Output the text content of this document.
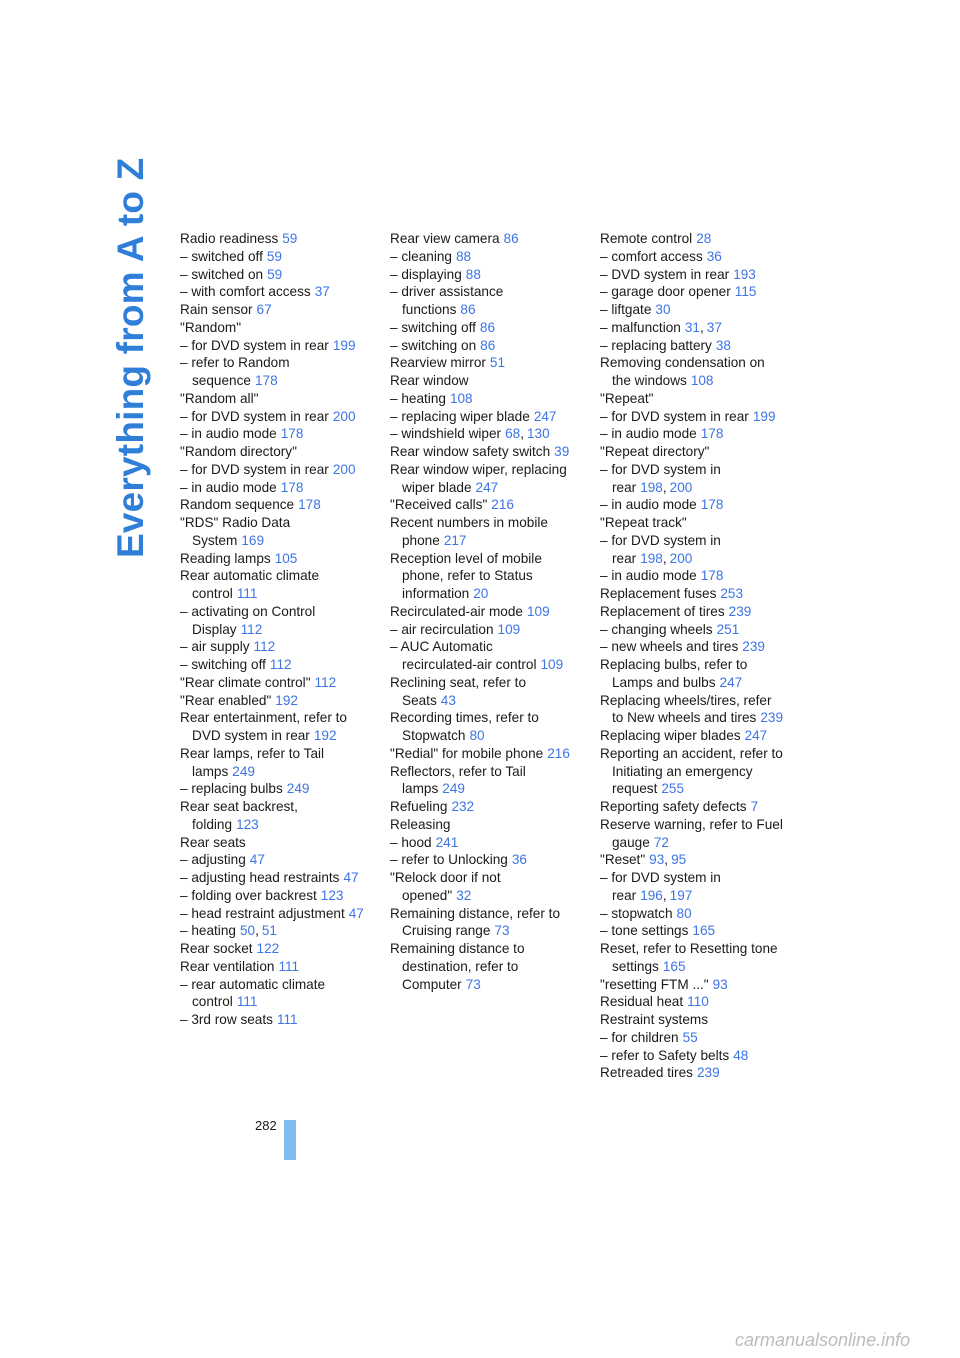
Everything from A to Z Radio readiness 59
– switched off 59
– switched on 59
– with comfort access 37
Rain sensor 67
"Random"
– for DVD system in rear 199
– refer to Random
sequence 178
"Random all"
– for DVD system in rear 200
– in audio mode 178
"Random directory"
– for DVD system in rear 200
– in audio mode 178
Random sequence 178
"RDS" Radio Data
System 169
Reading lamps 105
Rear automatic climate
control 111
– activating on Control
Display 112
– air supply 112
– switching off 112
"Rear climate control" 112
"Rear enabled" 192
Rear entertainment, refer to
DVD system in rear 192
Rear lamps, refer to Tail
lamps 249
– replacing bulbs 249
Rear seat backrest,
folding 123
Rear seats
– adjusting 47
– adjusting head restraints 47
– folding over backrest 123
– head restraint adjustment 47
– heating 50, 51
Rear socket 122
Rear ventilation 111
– rear automatic climate
control 111
– 3rd row seats 111
Rear view camera 86
– cleaning 88
– displaying 88
– driver assistance
functions 86
– switching off 86
– switching on 86
Rearview mirror 51
Rear window
– heating 108
– replacing wiper blade 247
– windshield wiper 68, 130
Rear window safety switch 39
Rear window wiper, replacing
wiper blade 247
"Received calls" 216
Recent numbers in mobile
phone 217
Reception level of mobile
phone, refer to Status
information 20
Recirculated-air mode 109
– air recirculation 109
– AUC Automatic
recirculated-air control 109
Reclining seat, refer to
Seats 43
Recording times, refer to
Stopwatch 80
"Redial" for mobile phone 216
Reflectors, refer to Tail
lamps 249
Refueling 232
Releasing
– hood 241
– refer to Unlocking 36
"Relock door if not
opened" 32
Remaining distance, refer to
Cruising range 73
Remaining distance to
destination, refer to
Computer 73
Remote control 28
– comfort access 36
– DVD system in rear 193
– garage door opener 115
– liftgate 30
– malfunction 31, 37
– replacing battery 38
Removing condensation on
the windows 108
"Repeat"
– for DVD system in rear 199
– in audio mode 178
"Repeat directory"
– for DVD system in
rear 198, 200
– in audio mode 178
"Repeat track"
– for DVD system in
rear 198, 200
– in audio mode 178
Replacement fuses 253
Replacement of tires 239
– changing wheels 251
– new wheels and tires 239
Replacing bulbs, refer to
Lamps and bulbs 247
Replacing wheels/tires, refer
to New wheels and tires 239
Replacing wiper blades 247
Reporting an accident, refer to
Initiating an emergency
request 255
Reporting safety defects 7
Reserve warning, refer to Fuel
gauge 72
"Reset" 93, 95
– for DVD system in
rear 196, 197
– stopwatch 80
– tone settings 165
Reset, refer to Resetting tone
settings 165
"resetting FTM ..." 93
Residual heat 110
Restraint systems
– for children 55
– refer to Safety belts 48
Retreaded tires 239
282
carmanualsonline.info
